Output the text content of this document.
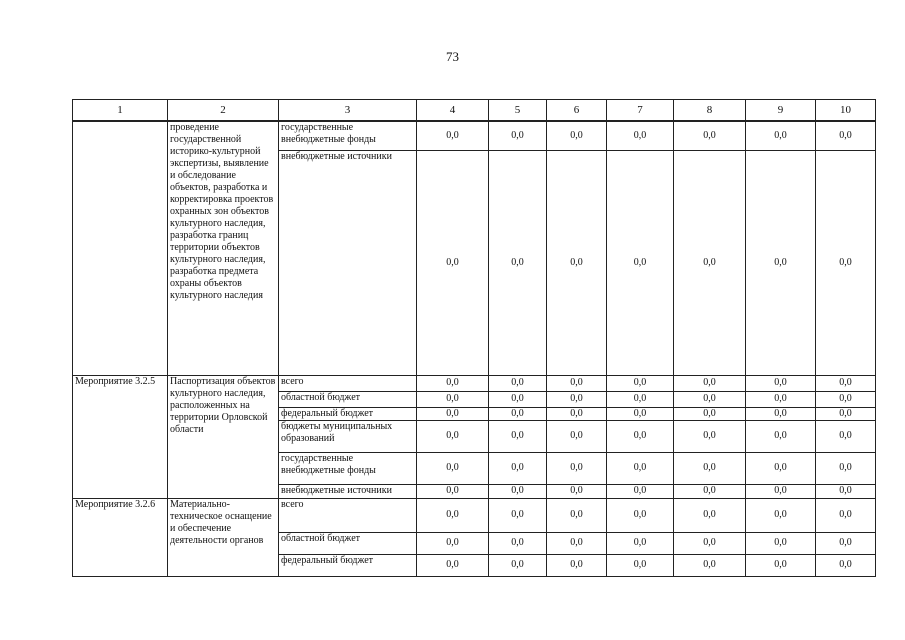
73
1	2	3	4	5	6	7	8	9	10
	проведение государственной историко-культурной экспертизы, выявление и обследование объектов, разработка и корректировка проектов охранных зон объектов культурного наследия, разработка границ территории объектов культурного наследия, разработка предмета охраны объектов культурного наследия	государственные внебюджетные фонды	0,0	0,0	0,0	0,0	0,0	0,0	0,0
		внебюджетные источники	0,0	0,0	0,0	0,0	0,0	0,0	0,0
Мероприятие 3.2.5	Паспортизация объектов культурного наследия, расположенных на территории Орловской области	всего	0,0	0,0	0,0	0,0	0,0	0,0	0,0
		областной бюджет	0,0	0,0	0,0	0,0	0,0	0,0	0,0
		федеральный бюджет	0,0	0,0	0,0	0,0	0,0	0,0	0,0
		бюджеты муниципальных образований	0,0	0,0	0,0	0,0	0,0	0,0	0,0
		государственные внебюджетные фонды	0,0	0,0	0,0	0,0	0,0	0,0	0,0
		внебюджетные источники	0,0	0,0	0,0	0,0	0,0	0,0	0,0
Мероприятие 3.2.6	Материально-техническое оснащение и обеспечение деятельности органов	всего	0,0	0,0	0,0	0,0	0,0	0,0	0,0
		областной бюджет	0,0	0,0	0,0	0,0	0,0	0,0	0,0
		федеральный бюджет	0,0	0,0	0,0	0,0	0,0	0,0	0,0
